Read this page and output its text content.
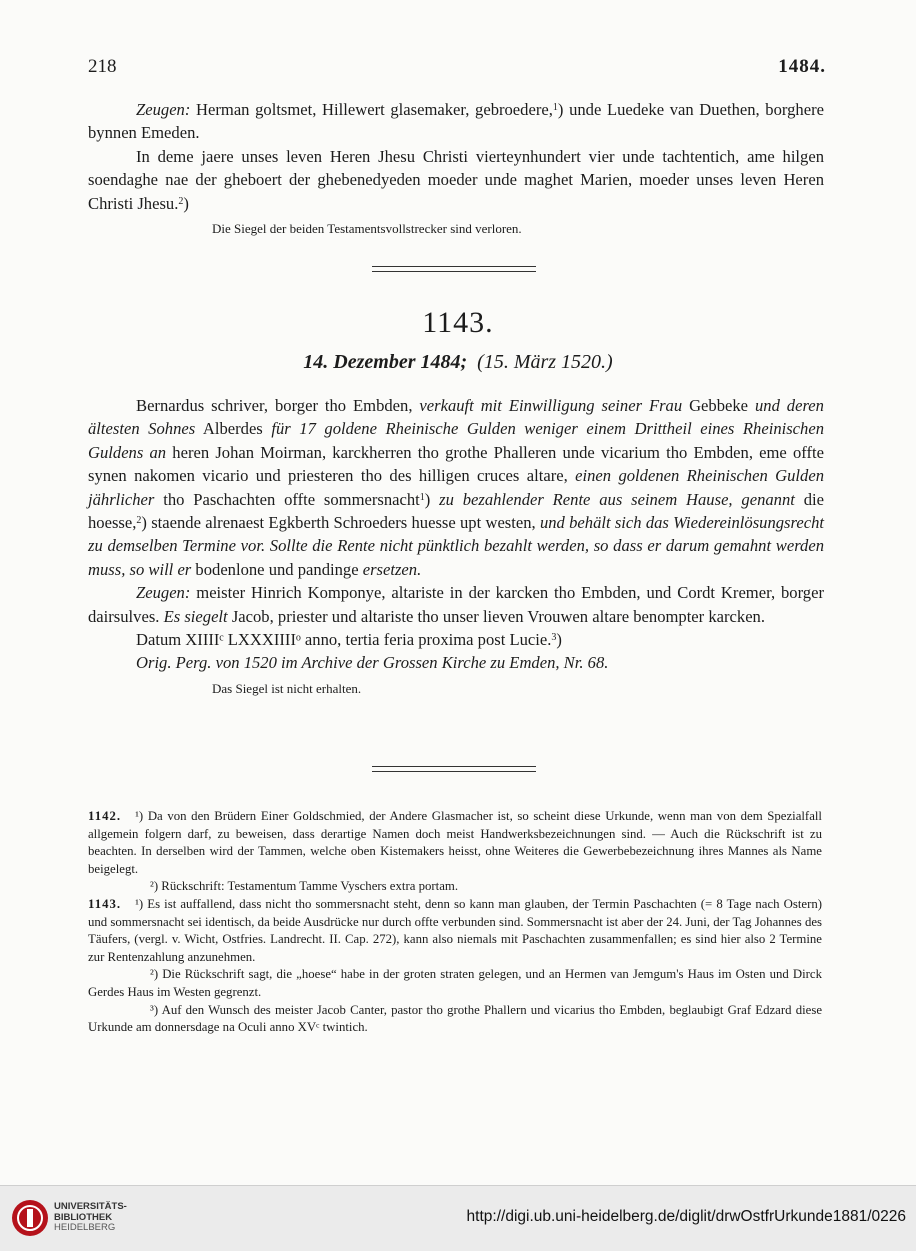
218	1484.

Zeugen: Herman goltsmet, Hillewert glasemaker, gebroedere,$^1$) unde Luedeke van Duethen, borghere bynnen Emeden.

In deme jaere unses leven Heren Jhesu Christi vierteynhundert vier unde tachtentich, ame hilgen soendaghe nae der gheboert der ghebenedyeden moeder unde maghet Marien, moeder unses leven Heren Christi Jhesu.$^2$)

Die Siegel der beiden Testamentsvollstrecker sind verloren.

1143.
14. Dezember 1484; (15. März 1520.)

Bernardus schriver, borger tho Embden, verkauft mit Einwilligung seiner Frau Gebbeke und deren ältesten Sohnes Alberdes für 17 goldene Rheinische Gulden weniger einem Drittheil eines Rheinischen Guldens an heren Johan Moirman, karckherren tho grothe Phalleren unde vicarium tho Embden, eme offte synen nakomen vicario und priesteren tho des hilligen cruces altare, einen goldenen Rheinischen Gulden jährlicher tho Paschachten offte sommersnacht$^1$) zu bezahlender Rente aus seinem Hause, genannt die hoesse,$^2$) staende alrenaest Egkberth Schroeders huesse upt westen, und behält sich das Wiedereinlösungsrecht zu demselben Termine vor. Sollte die Rente nicht pünktlich bezahlt werden, so dass er darum gemahnt werden muss, so will er bodenlone und pandinge ersetzen.

Zeugen: meister Hinrich Komponye, altariste in der karcken tho Embden, und Cordt Kremer, borger dairsulves. Es siegelt Jacob, priester und altariste tho unser lieven Vrouwen altare benompter karcken.

Datum XIIIIᶜ LXXXIIIIᵒ anno, tertia feria proxima post Lucie.$^3$)

Orig. Perg. von 1520 im Archive der Grossen Kirche zu Emden, Nr. 68.

Das Siegel ist nicht erhalten.

1142. ¹) Da von den Brüdern Einer Goldschmied, der Andere Glasmacher ist, so scheint diese Urkunde, wenn man von dem Spezialfall allgemein folgern darf, zu beweisen, dass derartige Namen doch meist Handwerksbezeichnungen sind. — Auch die Rückschrift ist zu beachten. In derselben wird der Tammen, welche oben Kistemakers heisst, ohne Weiteres die Gewerbebezeichnung ihres Mannes als Name beigelegt.

²) Rückschrift: Testamentum Tamme Vyschers extra portam.

1143. ¹) Es ist auffallend, dass nicht tho sommersnacht steht, denn so kann man glauben, der Termin Paschachten (= 8 Tage nach Ostern) und sommersnacht sei identisch, da beide Ausdrücke nur durch offte verbunden sind. Sommersnacht ist aber der 24. Juni, der Tag Johannes des Täufers, (vergl. v. Wicht, Ostfries. Landrecht. II. Cap. 272), kann also niemals mit Paschachten zusammenfallen; es sind hier also 2 Termine zur Rentenzahlung anzunehmen.

²) Die Rückschrift sagt, die „hoese“ habe in der groten straten gelegen, und an Hermen van Jemgum's Haus im Osten und Dirck Gerdes Haus im Westen gegrenzt.

³) Auf den Wunsch des meister Jacob Canter, pastor tho grothe Phallern und vicarius tho Embden, beglaubigt Graf Edzard diese Urkunde am donnersdage na Oculi anno XVᶜ twintich.

UNIVERSITÄTS-
BIBLIOTHEK
HEIDELBERG
http://digi.ub.uni-heidelberg.de/diglit/drwOstfrUrkunde1881/0226
